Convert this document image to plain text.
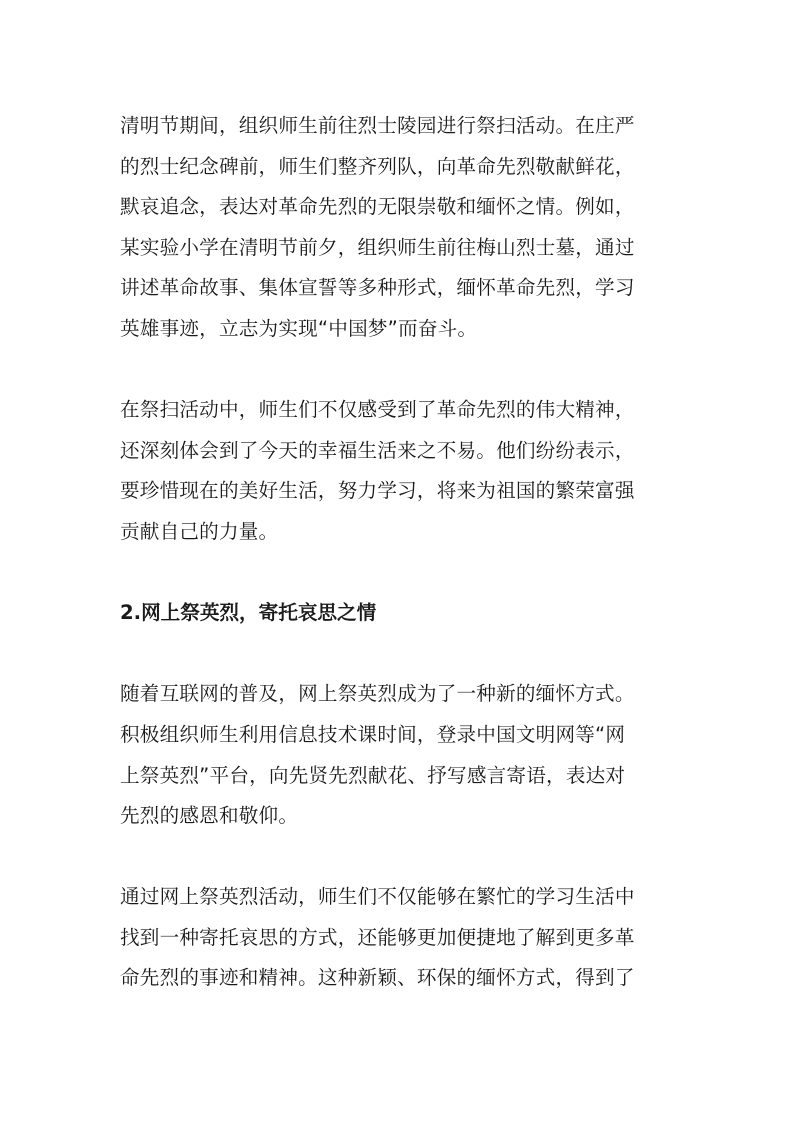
清明节期间，组织师生前往烈士陵园进行祭扫活动。在庄严
的烈士纪念碑前，师生们整齐列队，向革命先烈敬献鲜花，
默哀追念，表达对革命先烈的无限崇敬和缅怀之情。例如，
某实验小学在清明节前夕，组织师生前往梅山烈士墓，通过
讲述革命故事、集体宣誓等多种形式，缅怀革命先烈，学习
英雄事迹，立志为实现“中国梦”而奋斗。

在祭扫活动中，师生们不仅感受到了革命先烈的伟大精神，
还深刻体会到了今天的幸福生活来之不易。他们纷纷表示，
要珍惜现在的美好生活，努力学习，将来为祖国的繁荣富强
贡献自己的力量。

2.网上祭英烈，寄托哀思之情

随着互联网的普及，网上祭英烈成为了一种新的缅怀方式。
积极组织师生利用信息技术课时间，登录中国文明网等“网
上祭英烈”平台，向先贤先烈献花、抒写感言寄语，表达对
先烈的感恩和敬仰。

通过网上祭英烈活动，师生们不仅能够在繁忙的学习生活中
找到一种寄托哀思的方式，还能够更加便捷地了解到更多革
命先烈的事迹和精神。这种新颖、环保的缅怀方式，得到了
